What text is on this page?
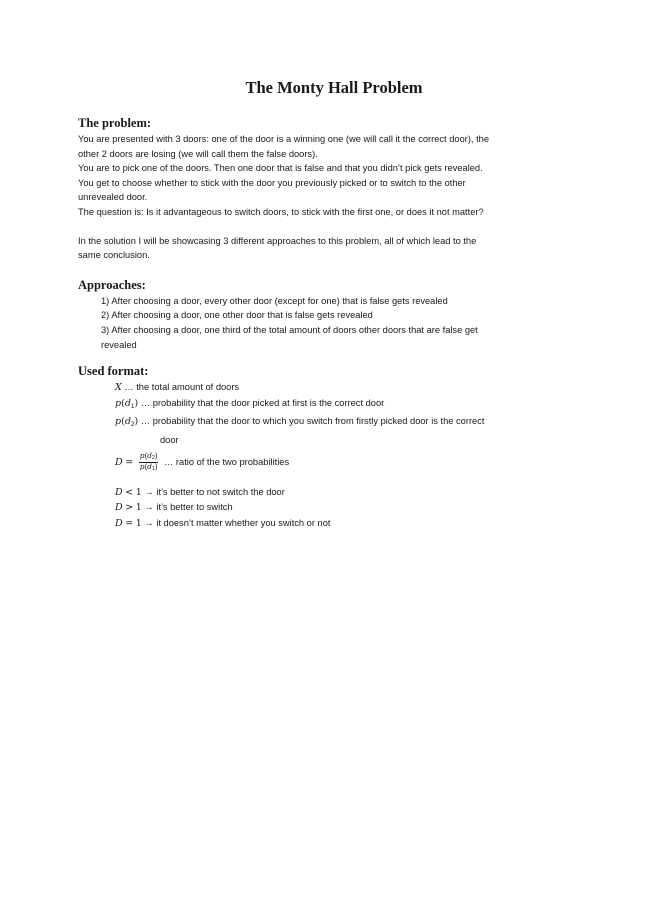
The Monty Hall Problem
The problem:

You are presented with 3 doors: one of the door is a winning one (we will call it the correct door), the

other 2 doors are losing (we will call them the false doors).

You are to pick one of the doors. Then one door that is false and that you didn’t pick gets revealed.

You get to choose whether to stick with the door you previously picked or to switch to the other

unrevealed door.

The question is: Is it advantageous to switch doors, to stick with the first one, or does it not matter?

In the solution I will be showcasing 3 different approaches to this problem, all of which lead to the

same conclusion.

Approaches:
1) After choosing a door, every other door (except for one) that is false gets revealed
2) After choosing a door, one other door that is false gets revealed
3) After choosing a door, one third of the total amount of doors other doors that are false get
revealed
Used format:
X … the total amount of doors
$p(d_1)$ … probability that the door picked at first is the correct door
$p(d_2)$ … probability that the door to which you switch from firstly picked door is the correct
door
$D = \frac{p(d2)}{p(d1)}$ … ratio of the two probabilities
D < 1 → it’s better to not switch the door
D > 1 → it’s better to switch
D = 1 → it doesn’t matter whether you switch or not
